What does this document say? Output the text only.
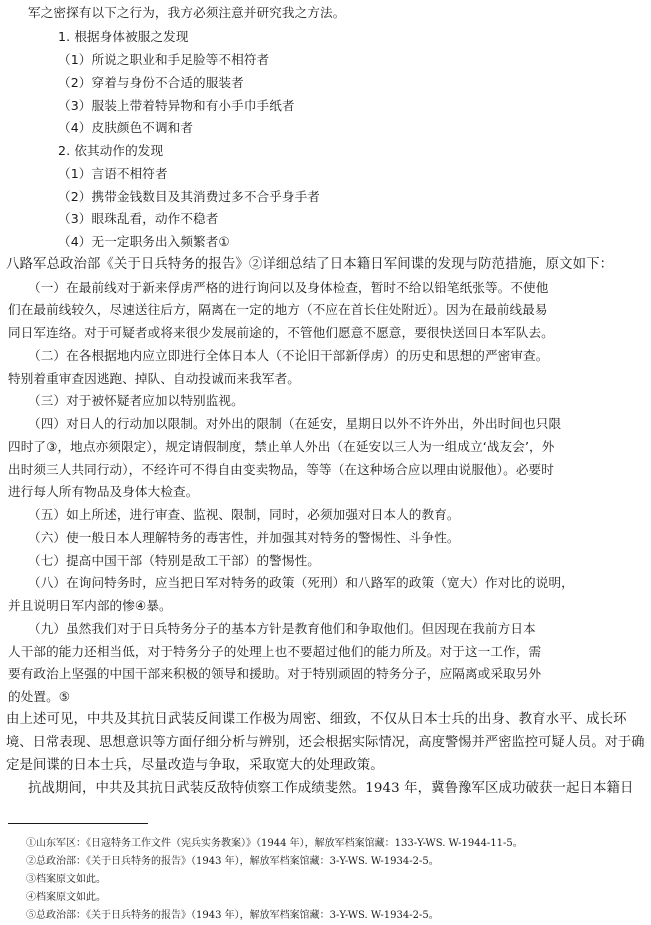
军之密探有以下之行为，我方必须注意并研究我之方法。

1. 根据身体被服之发现

（1）所说之职业和手足脸等不相符者

（2）穿着与身份不合适的服装者

（3）服装上带着特异物和有小手巾手纸者

（4）皮肤颜色不调和者

2. 依其动作的发现

（1）言语不相符者

（2）携带金钱数目及其消费过多不合乎身手者

（3）眼珠乱看，动作不稳者

（4）无一定职务出入频繁者①

八路军总政治部《关于日兵特务的报告》②详细总结了日本籍日军间谍的发现与防范措施，原文如下：

（一）在最前线对于新来俘虏严格的进行询问以及身体检查，暂时不给以铅笔纸张等。不使他

们在最前线较久，尽速送往后方，隔离在一定的地方（不应在首长住处附近）。因为在最前线最易

同日军连络。对于可疑者或将来很少发展前途的，不管他们愿意不愿意，要很快送回日本军队去。

（二）在各根据地内应立即进行全体日本人（不论旧干部新俘虏）的历史和思想的严密审查。

特别着重审查因逃跑、掉队、自动投诚而来我军者。

（三）对于被怀疑者应加以特别监视。

（四）对日人的行动加以限制。对外出的限制（在延安，星期日以外不许外出，外出时间也只限

四时了③，地点亦须限定），规定请假制度，禁止单人外出（在延安以三人为一组成立‘战友会’，外

出时须三人共同行动），不经许可不得自由变卖物品，等等（在这种场合应以理由说服他）。必要时

进行每人所有物品及身体大检查。

（五）如上所述，进行审查、监视、限制，同时，必须加强对日本人的教育。

（六）使一般日本人理解特务的毒害性，并加强其对特务的警惕性、斗争性。

（七）提高中国干部（特别是敌工干部）的警惕性。

（八）在询问特务时，应当把日军对特务的政策（死刑）和八路军的政策（宽大）作对比的说明，

并且说明日军内部的惨④暴。

（九）虽然我们对于日兵特务分子的基本方针是教育他们和争取他们。但因现在我前方日本

人干部的能力还相当低，对于特务分子的处理上也不要超过他们的能力所及。对于这一工作，需

要有政治上坚强的中国干部来积极的领导和援助。对于特别顽固的特务分子，应隔离或采取另外

的处置。⑤

由上述可见，中共及其抗日武装反间谍工作极为周密、细致，不仅从日本士兵的出身、教育水平、成长环

境、日常表现、思想意识等方面仔细分析与辨别，还会根据实际情况，高度警惕并严密监控可疑人员。对于确

定是间谍的日本士兵，尽量改造与争取，采取宽大的处理政策。

抗战期间，中共及其抗日武装反敌特侦察工作成绩斐然。1943 年，冀鲁豫军区成功破获一起日本籍日

①山东军区：《日寇特务工作文件（宪兵实务教案）》（1944 年），解放军档案馆藏：133-Y-WS. W-1944-11-5。

②总政治部：《关于日兵特务的报告》（1943 年），解放军档案馆藏：3-Y-WS. W-1934-2-5。

③档案原文如此。

④档案原文如此。

⑤总政治部：《关于日兵特务的报告》（1943 年），解放军档案馆藏：3-Y-WS. W-1934-2-5。
